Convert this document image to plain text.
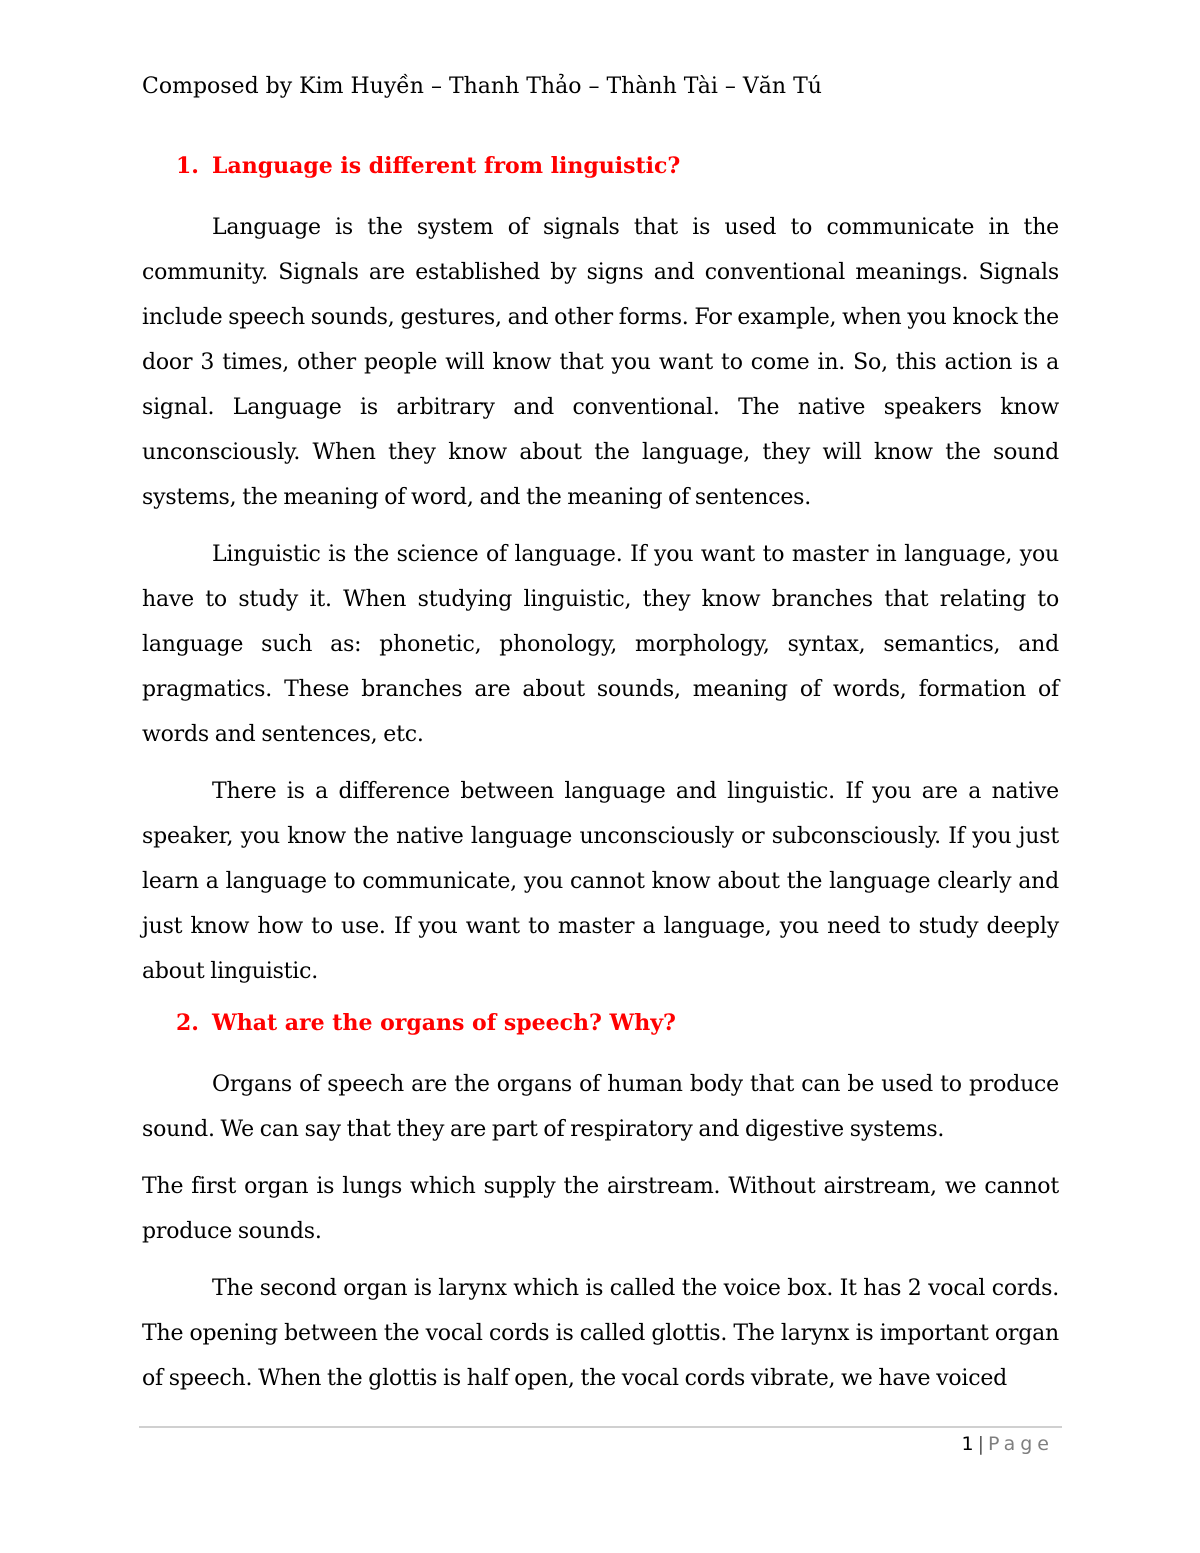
Composed by Kim Huyền – Thanh Thảo – Thành Tài – Văn Tú
1. Language is different from linguistic?

Language is the system of signals that is used to communicate in the community. Signals are established by signs and conventional meanings. Signals include speech sounds, gestures, and other forms. For example, when you knock the door 3 times, other people will know that you want to come in. So, this action is a signal. Language is arbitrary and conventional. The native speakers know unconsciously. When they know about the language, they will know the sound systems, the meaning of word, and the meaning of sentences.

Linguistic is the science of language. If you want to master in language, you have to study it. When studying linguistic, they know branches that relating to language such as: phonetic, phonology, morphology, syntax, semantics, and pragmatics. These branches are about sounds, meaning of words, formation of words and sentences, etc.

There is a difference between language and linguistic. If you are a native speaker, you know the native language unconsciously or subconsciously. If you just learn a language to communicate, you cannot know about the language clearly and just know how to use. If you want to master a language, you need to study deeply about linguistic.

2. What are the organs of speech? Why?

Organs of speech are the organs of human body that can be used to produce sound. We can say that they are part of respiratory and digestive systems.

The first organ is lungs which supply the airstream. Without airstream, we cannot produce sounds.

The second organ is larynx which is called the voice box. It has 2 vocal cords. The opening between the vocal cords is called glottis. The larynx is important organ of speech. When the glottis is half open, the vocal cords vibrate, we have voiced

1 | Page
